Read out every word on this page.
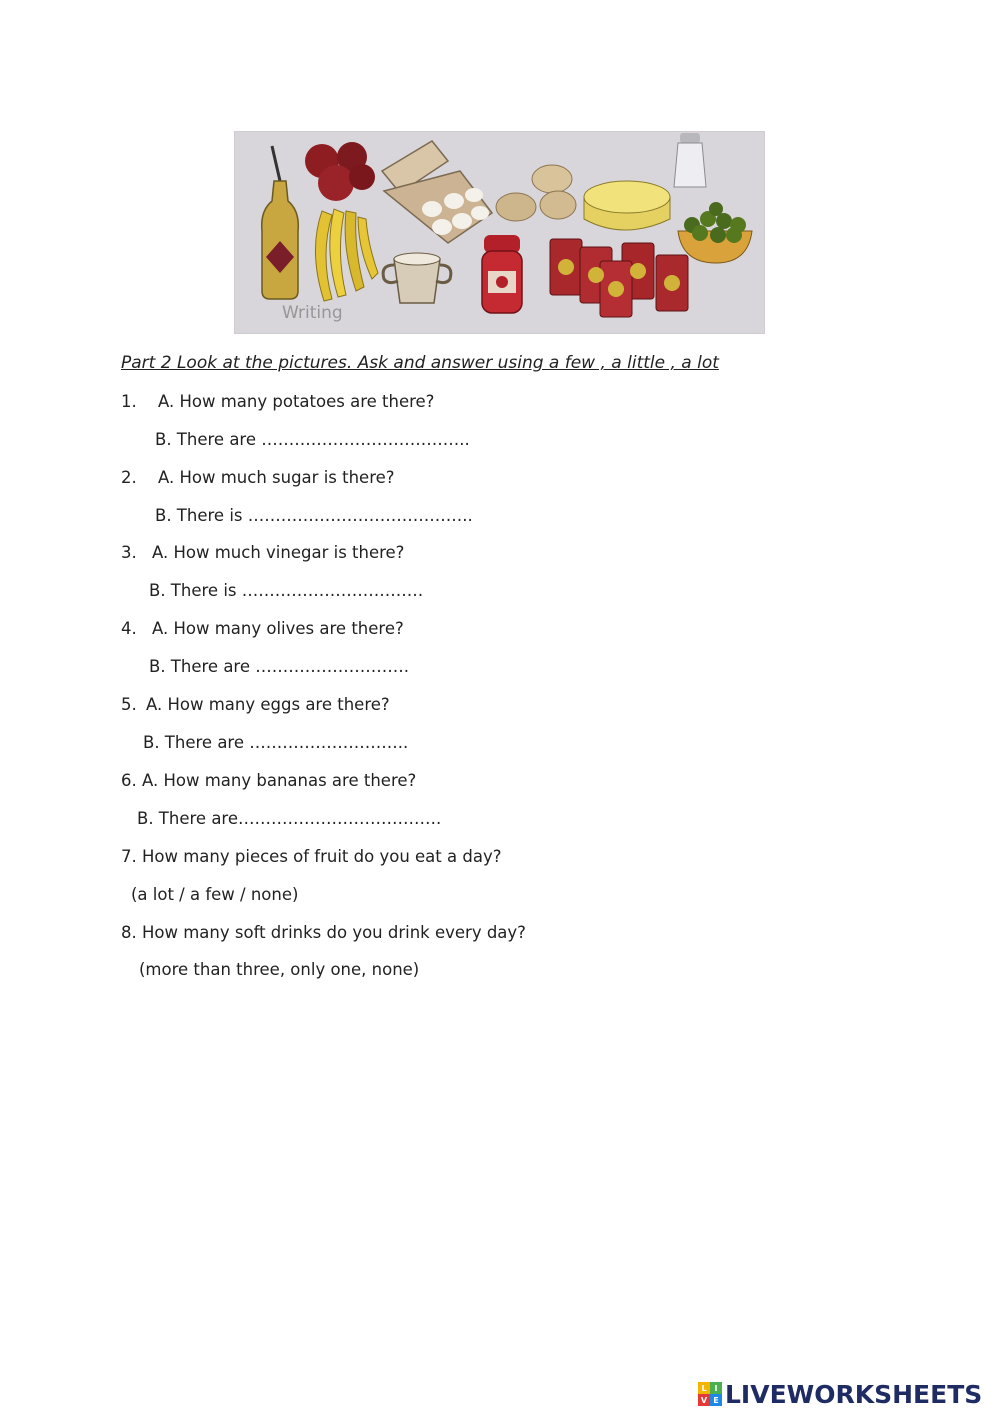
Writing
Part 2 Look at the pictures. Ask and answer using a few , a little , a lot
1. A. How many potatoes are there?
B. There are ………………………………..
2. A. How much sugar is there?
B. There is …………………………………..
3. A. How much vinegar is there?
B. There is ……………………………
4. A. How many olives are there?
B. There are ……………………….
5. A. How many eggs are there?
B. There are ………………………..
6. A. How many bananas are there?
B. There are……………………………….
7. How many pieces of fruit do you eat a day?
(a lot / a few / none)
8. How many soft drinks do you drink every day?
(more than three, only one, none)
L I
V E LIVEWORKSHEETS
